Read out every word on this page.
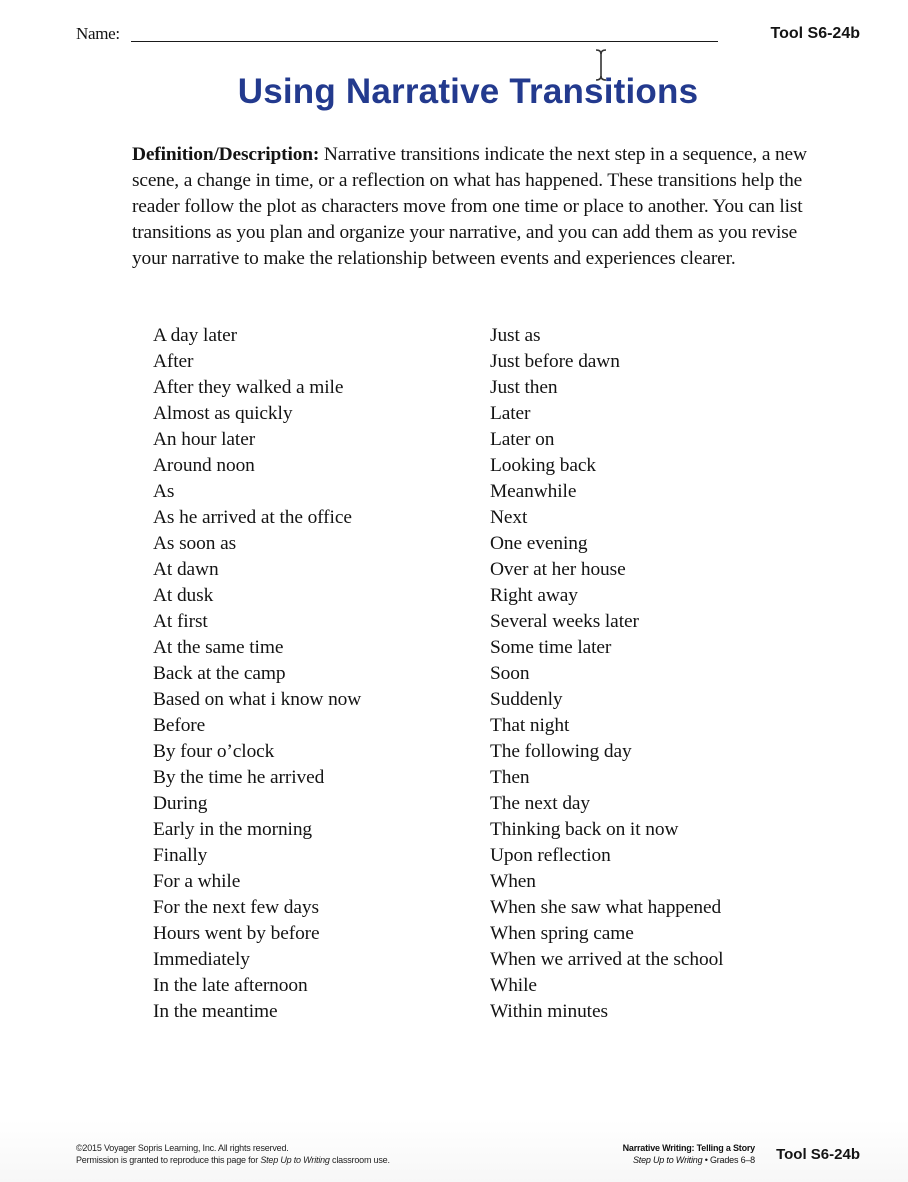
Name:	Tool S6-24b
Using Narrative Transitions
Definition/Description: Narrative transitions indicate the next step in a sequence, a new scene, a change in time, or a reflection on what has happened. These transitions help the reader follow the plot as characters move from one time or place to another. You can list transitions as you plan and organize your narrative, and you can add them as you revise your narrative to make the relationship between events and experiences clearer.
A day later
After
After they walked a mile
Almost as quickly
An hour later
Around noon
As
As he arrived at the office
As soon as
At dawn
At dusk
At first
At the same time
Back at the camp
Based on what i know now
Before
By four o’clock
By the time he arrived
During
Early in the morning
Finally
For a while
For the next few days
Hours went by before
Immediately
In the late afternoon
In the meantime
Just as
Just before dawn
Just then
Later
Later on
Looking back
Meanwhile
Next
One evening
Over at her house
Right away
Several weeks later
Some time later
Soon
Suddenly
That night
The following day
Then
The next day
Thinking back on it now
Upon reflection
When
When she saw what happened
When spring came
When we arrived at the school
While
Within minutes
©2015 Voyager Sopris Learning, Inc. All rights reserved.
Permission is granted to reproduce this page for Step Up to Writing classroom use.
Narrative Writing: Telling a Story
Step Up to Writing • Grades 6–8 Tool S6-24b
